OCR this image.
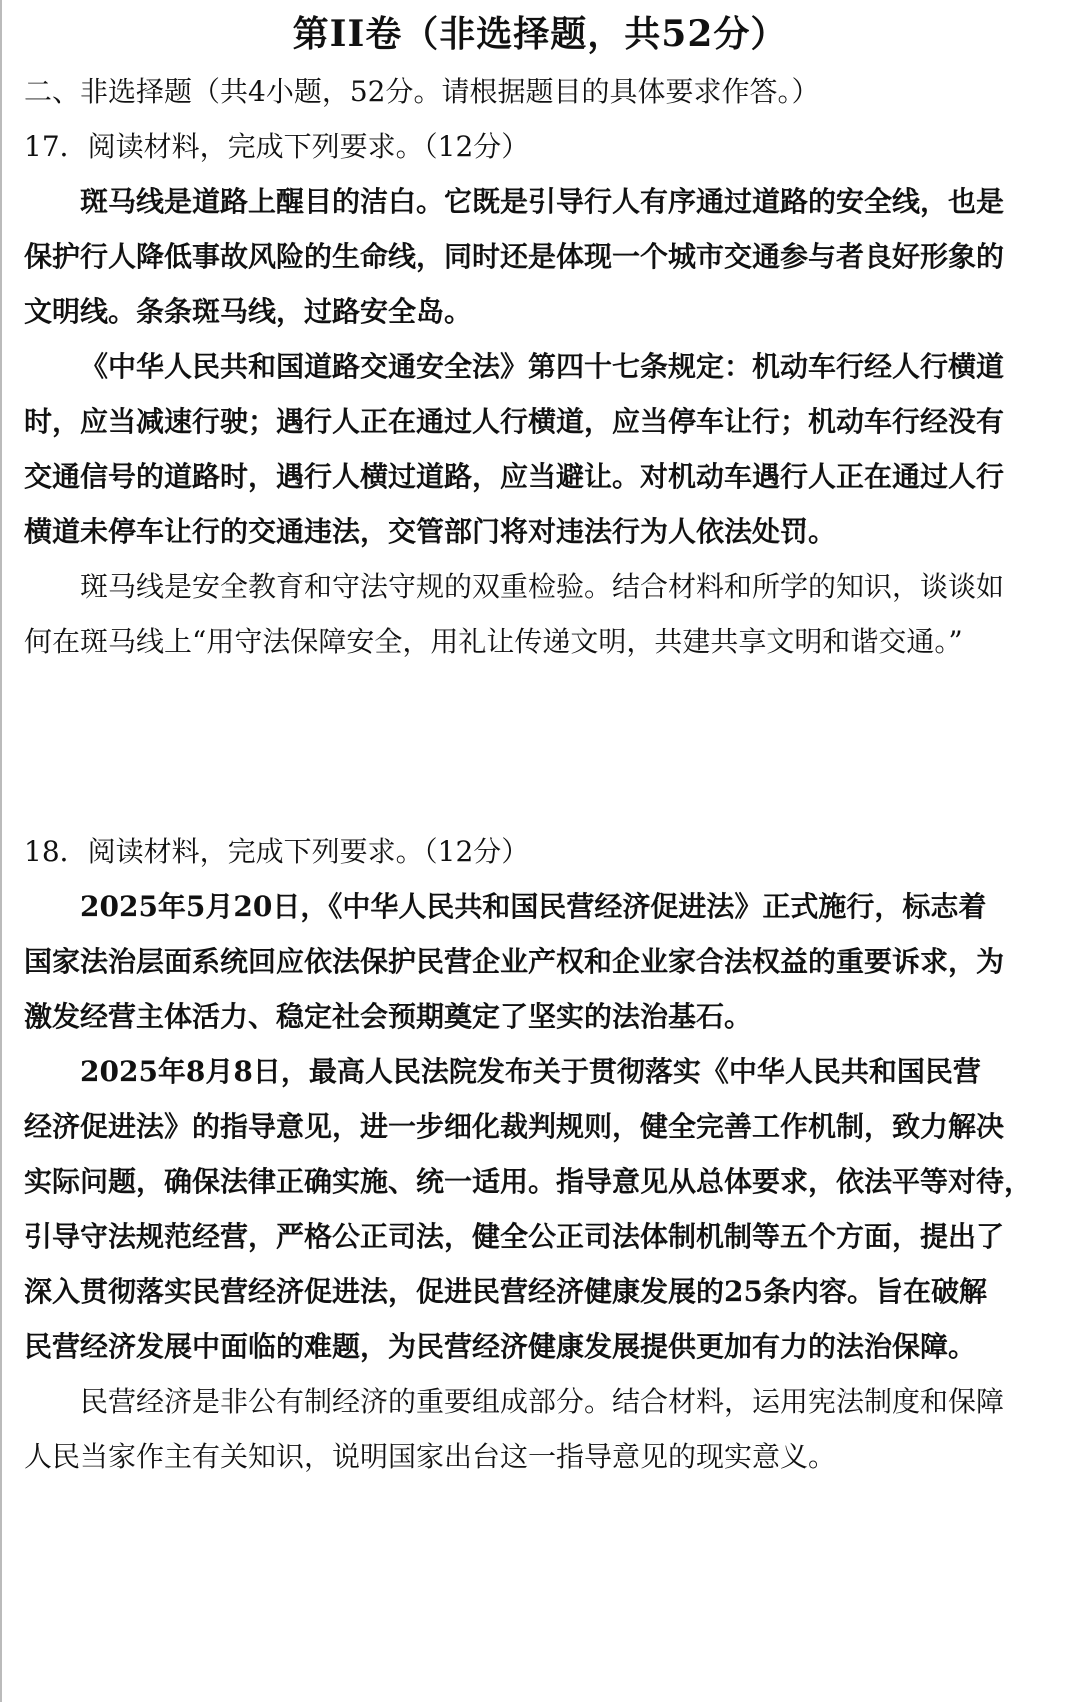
第II卷（非选择题，共52分）

二、非选择题（共4小题，52分。请根据题目的具体要求作答。）

17．阅读材料，完成下列要求。（12分）

斑马线是道路上醒目的洁白。它既是引导行人有序通过道路的安全线，也是

保护行人降低事故风险的生命线，同时还是体现一个城市交通参与者良好形象的

文明线。条条斑马线，过路安全岛。

《中华人民共和国道路交通安全法》第四十七条规定：机动车行经人行横道

时，应当减速行驶；遇行人正在通过人行横道，应当停车让行；机动车行经没有

交通信号的道路时，遇行人横过道路，应当避让。对机动车遇行人正在通过人行

横道未停车让行的交通违法，交管部门将对违法行为人依法处罚。

斑马线是安全教育和守法守规的双重检验。结合材料和所学的知识，谈谈如

何在斑马线上“用守法保障安全，用礼让传递文明，共建共享文明和谐交通。”

18．阅读材料，完成下列要求。（12分）

2025年5月20日，《中华人民共和国民营经济促进法》正式施行，标志着

国家法治层面系统回应依法保护民营企业产权和企业家合法权益的重要诉求，为

激发经营主体活力、稳定社会预期奠定了坚实的法治基石。

2025年8月8日，最高人民法院发布关于贯彻落实《中华人民共和国民营

经济促进法》的指导意见，进一步细化裁判规则，健全完善工作机制，致力解决

实际问题，确保法律正确实施、统一适用。指导意见从总体要求，依法平等对待，

引导守法规范经营，严格公正司法，健全公正司法体制机制等五个方面，提出了

深入贯彻落实民营经济促进法，促进民营经济健康发展的25条内容。旨在破解

民营经济发展中面临的难题，为民营经济健康发展提供更加有力的法治保障。

民营经济是非公有制经济的重要组成部分。结合材料，运用宪法制度和保障

人民当家作主有关知识，说明国家出台这一指导意见的现实意义。
